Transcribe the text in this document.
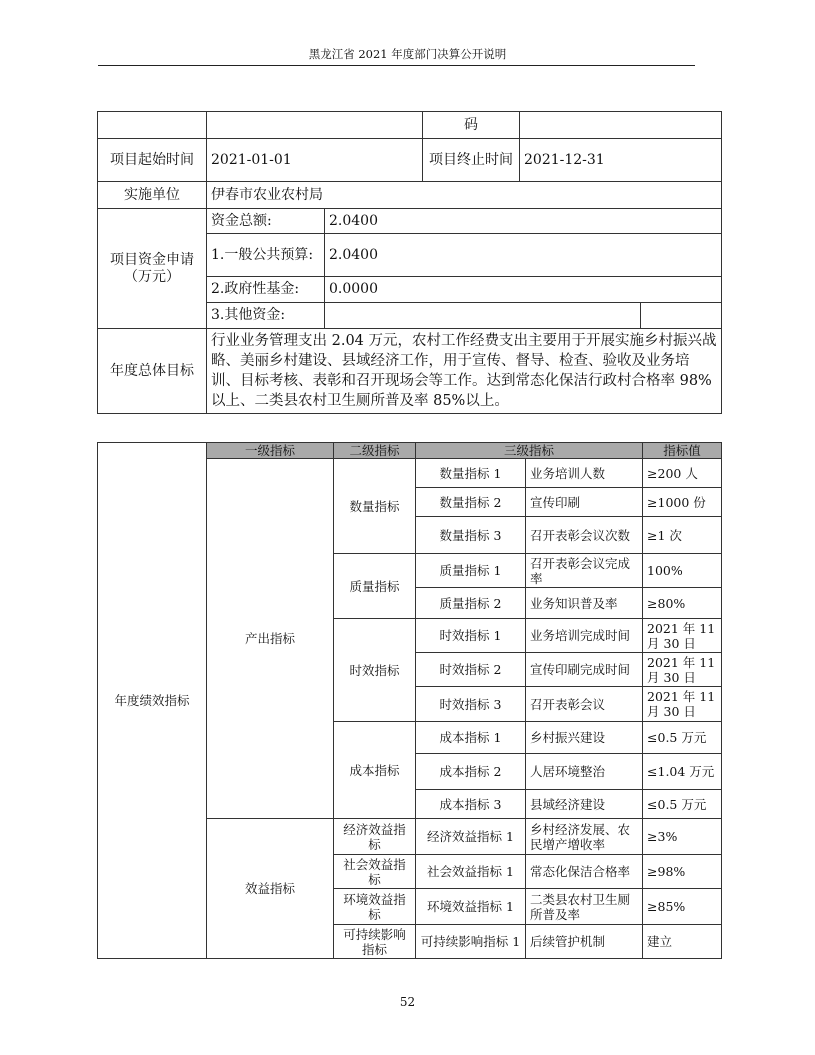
黑龙江省 2021 年度部门决算公开说明
			码		
项目起始时间	2021-01-01		项目终止时间	2021-12-31	
实施单位	伊春市农业农村局				
项目资金申请（万元）	资金总额:	2.0400			
	1.一般公共预算:	2.0400			
	2.政府性基金:	0.0000			
	3.其他资金:				
年度总体目标	行业业务管理支出 2.04 万元，农村工作经费支出主要用于开展实施乡村振兴战略、美丽乡村建设、县域经济工作，用于宣传、督导、检查、验收及业务培训、目标考核、表彰和召开现场会等工作。达到常态化保洁行政村合格率 98%以上、二类县农村卫生厕所普及率 85%以上。				
年度绩效指标	一级指标	二级指标	三级指标		指标值
	产出指标	数量指标	数量指标 1	业务培训人数	≥200 人
			数量指标 2	宣传印刷	≥1000 份
			数量指标 3	召开表彰会议次数	≥1 次
		质量指标	质量指标 1	召开表彰会议完成率	100%
			质量指标 2	业务知识普及率	≥80%
		时效指标	时效指标 1	业务培训完成时间	2021 年 11 月 30 日
			时效指标 2	宣传印刷完成时间	2021 年 11 月 30 日
			时效指标 3	召开表彰会议	2021 年 11 月 30 日
		成本指标	成本指标 1	乡村振兴建设	≤0.5 万元
			成本指标 2	人居环境整治	≤1.04 万元
			成本指标 3	县域经济建设	≤0.5 万元
	效益指标	经济效益指标	经济效益指标 1	乡村经济发展、农民增产增收率	≥3%
		社会效益指标	社会效益指标 1	常态化保洁合格率	≥98%
		环境效益指标	环境效益指标 1	二类县农村卫生厕所普及率	≥85%
		可持续影响指标	可持续影响指标 1	后续管护机制	建立
52
